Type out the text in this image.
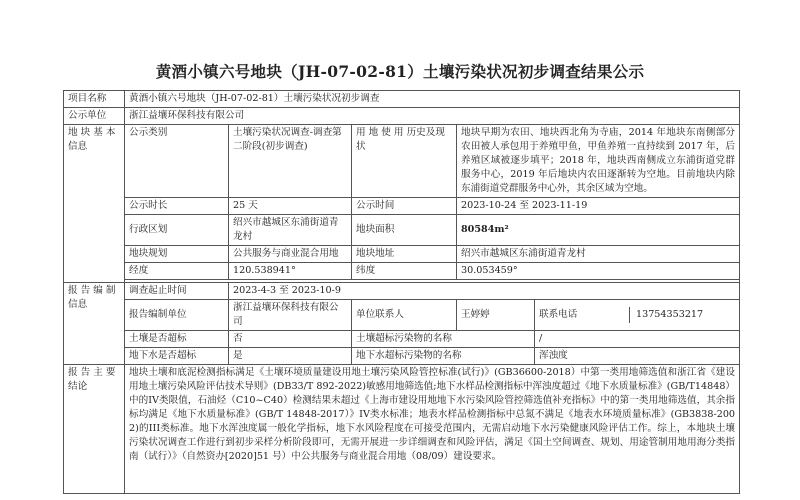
黄酒小镇六号地块（JH-07-02-81）土壤污染状况初步调查结果公示
项目名称	黄酒小镇六号地块（JH-07-02-81）土壤污染状况初步调查				
公示单位	浙江益壤环保科技有限公司				
地 块 基 本 信息	公示类别	土壤污染状况调查-调查第二阶段(初步调查)	用 地 使 用 历史及现状	地块早期为农田、地块西北角为寺庙，2014 年地块东南侧部分农田被人承包用于养殖甲鱼，甲鱼养殖一直持续到 2017 年，后养殖区域被逐步填平；2018 年，地块西南侧成立东浦街道党群服务中心，2019 年后地块内农田逐渐转为空地。目前地块内除东浦街道党群服务中心外，其余区域为空地。	
	公示时长	25 天	公示时间	2023-10-24 至 2023-11-19	
	行政区划	绍兴市越城区东浦街道青龙村	地块面积	80584m²	
	地块规划	公共服务与商业混合用地	地块地址	绍兴市越城区东浦街道青龙村	
	经度	120.538941°	纬度	30.053459°	

报 告 编 制 信息	调查起止时间	2023-4-3 至 2023-10-9			
	报告编制单位	浙江益壤环保科技有限公司	单位联系人	王婷婷	联系电话 13754353217

	土壤是否超标	否	土壤超标污染物的名称		/
	地下水是否超标	是	地下水超标污染物的名称		浑浊度
报 告 主 要 结论	地块土壤和底泥检测指标满足《土壤环境质量建设用地土壤污染风险管控标准(试行)》(GB36600-2018）中第一类用地筛选值和浙江省《建设用地土壤污染风险评估技术导则》(DB33/T 892-2022)敏感用地筛选值;地下水样品检测指标中浑浊度超过《地下水质量标准》(GB/T14848）中的IV类限值，石油烃（C10~C40）检测结果未超过《上海市建设用地地下水污染风险管控筛选值补充指标》中的第一类用地筛选值，其余指标均满足《地下水质量标准》(GB/T 14848-2017）》IV类水标准；地表水样品检测指标中总氮不满足《地表水环境质量标准》(GB3838-2002)的III类标准。地下水浑浊度属一般化学指标，地下水风险程度在可接受范围内，无需启动地下水污染健康风险评估工作。综上，本地块土壤污染状况调查工作进行到初步采样分析阶段即可，无需开展进一步详细调查和风险评估，满足《国土空间调查、规划、用途管制用地用海分类指南（试行）》（自然资办[2020]51 号）中公共服务与商业混合用地（08/09）建设要求。				
